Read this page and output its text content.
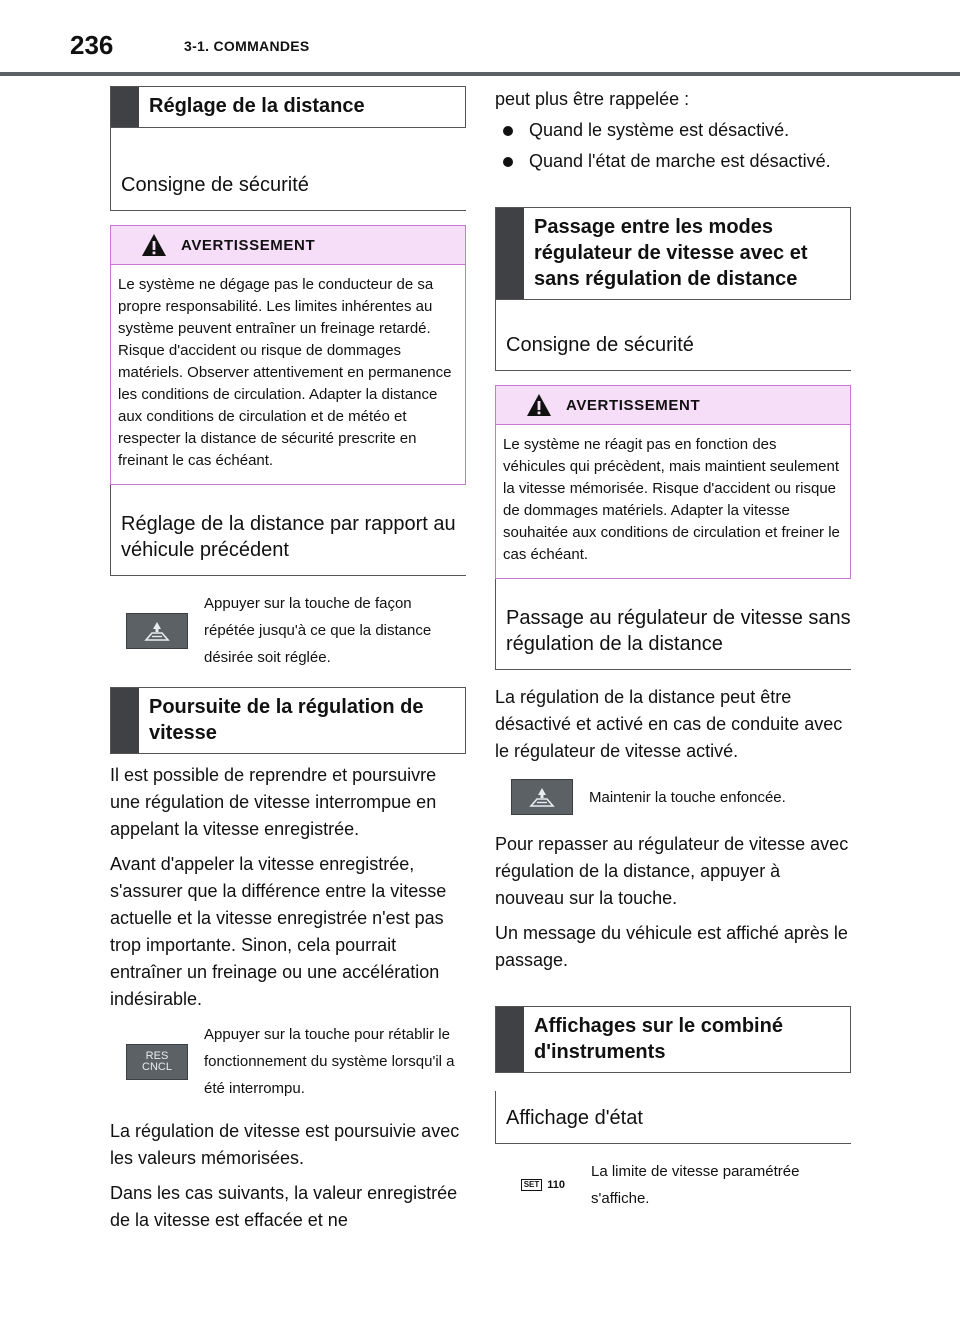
236	3-1. COMMANDES
Réglage de la distance
Consigne de sécurité
AVERTISSEMENT
Le système ne dégage pas le conducteur de sa propre responsabilité. Les limites inhérentes au système peuvent entraîner un freinage retardé. Risque d'accident ou risque de dommages matériels. Observer attentivement en permanence les conditions de circulation. Adapter la distance aux conditions de circulation et de météo et respecter la distance de sécurité prescrite en freinant le cas échéant.
Réglage de la distance par rapport au véhicule précédent
Appuyer sur la touche de façon répétée jusqu'à ce que la distance désirée soit réglée.
Poursuite de la régulation de vitesse

Il est possible de reprendre et poursuivre une régulation de vitesse interrompue en appelant la vitesse enregistrée.

Avant d'appeler la vitesse enregistrée, s'assurer que la différence entre la vitesse actuelle et la vitesse enregistrée n'est pas trop importante. Sinon, cela pourrait entraîner un freinage ou une accélération indésirable.

RES
CNCL
Appuyer sur la touche pour rétablir le fonctionnement du système lorsqu'il a été interrompu.

La régulation de vitesse est poursuivie avec les valeurs mémorisées.

Dans les cas suivants, la valeur enregistrée de la vitesse est effacée et ne

peut plus être rappelée :

Quand le système est désactivé.
Quand l'état de marche est désactivé.
Passage entre les modes régulateur de vitesse avec et sans régulation de distance
Consigne de sécurité
AVERTISSEMENT
Le système ne réagit pas en fonction des véhicules qui précèdent, mais maintient seulement la vitesse mémorisée. Risque d'accident ou risque de dommages matériels. Adapter la vitesse souhaitée aux conditions de circulation et freiner le cas échéant.
Passage au régulateur de vitesse sans régulation de la distance

La régulation de la distance peut être désactivé et activé en cas de conduite avec le régulateur de vitesse activé.

Maintenir la touche enfoncée.

Pour repasser au régulateur de vitesse avec régulation de la distance, appuyer à nouveau sur la touche.

Un message du véhicule est affiché après le passage.

Affichages sur le combiné d'instruments
Affichage d'état
SET 110
La limite de vitesse paramétrée s'affiche.
